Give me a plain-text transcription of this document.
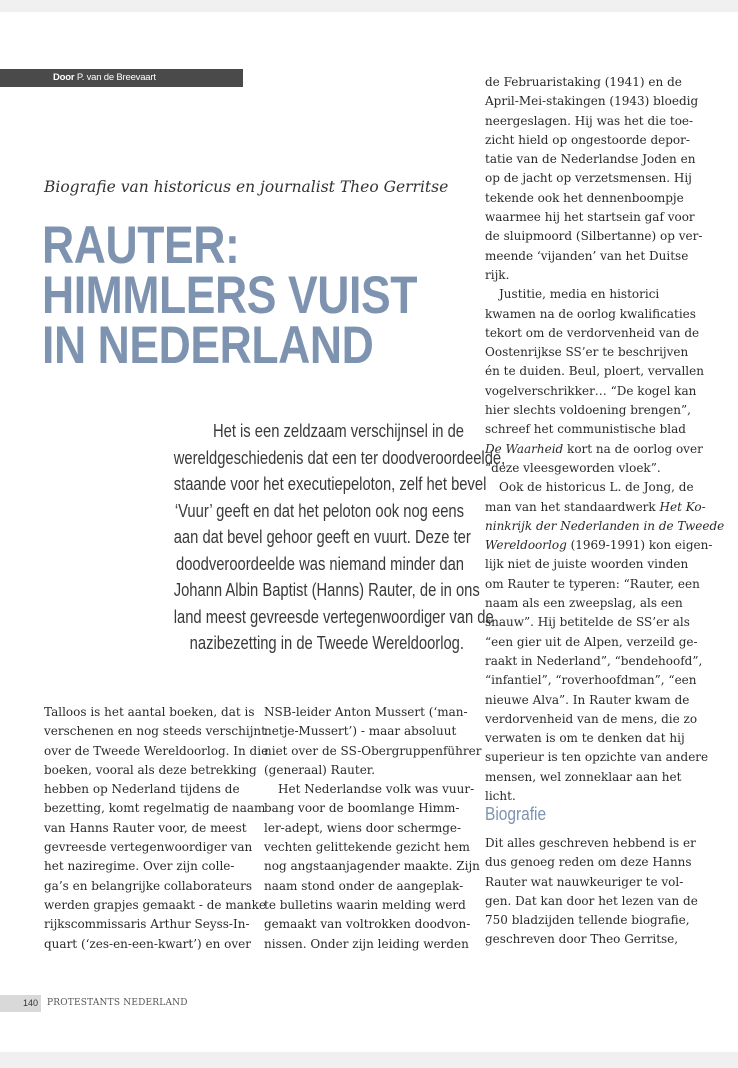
Door P. van de Breevaart
Biografie van historicus en journalist Theo Gerritse
RAUTER:
HIMMLERS VUIST
IN NEDERLAND
Het is een zeldzaam verschijnsel in de
wereldgeschiedenis dat een ter doodveroordeelde,
staande voor het executiepeloton, zelf het bevel
‘Vuur’ geeft en dat het peloton ook nog eens
aan dat bevel gehoor geeft en vuurt. Deze ter
doodveroordeelde was niemand minder dan
Johann Albin Baptist (Hanns) Rauter, de in ons
land meest gevreesde vertegenwoordiger van de
nazibezetting in de Tweede Wereldoorlog.
Talloos is het aantal boeken, dat is
verschenen en nog steeds verschijnt
over de Tweede Wereldoorlog. In die
boeken, vooral als deze betrekking
hebben op Nederland tijdens de
bezetting, komt regelmatig de naam
van Hanns Rauter voor, de meest
gevreesde vertegenwoordiger van
het naziregime. Over zijn colle-
ga’s en belangrijke collaborateurs
werden grapjes gemaakt - de manke
rijkscommissaris Arthur Seyss-In-
quart (‘zes-en-een-kwart’) en over
NSB-leider Anton Mussert (‘man-
netje-Mussert’) - maar absoluut
niet over de SS-Obergruppenführer
(generaal) Rauter.
Het Nederlandse volk was vuur-
bang voor de boomlange Himm-
ler-adept, wiens door schermge-
vechten gelittekende gezicht hem
nog angstaanjagender maakte. Zijn
naam stond onder de aangeplak-
te bulletins waarin melding werd
gemaakt van voltrokken doodvon-
nissen. Onder zijn leiding werden
de Februaristaking (1941) en de
April-Mei-stakingen (1943) bloedig
neergeslagen. Hij was het die toe-
zicht hield op ongestoorde depor-
tatie van de Nederlandse Joden en
op de jacht op verzetsmensen. Hij
tekende ook het dennenboompje
waarmee hij het startsein gaf voor
de sluipmoord (Silbertanne) op ver-
meende ‘vijanden’ van het Duitse
rijk.
Justitie, media en historici
kwamen na de oorlog kwalificaties
tekort om de verdorvenheid van de
Oostenrijkse SS’er te beschrijven
én te duiden. Beul, ploert, vervallen
vogelverschrikker… “De kogel kan
hier slechts voldoening brengen”,
schreef het communistische blad
De Waarheid kort na de oorlog over
“deze vleesgeworden vloek”.
Ook de historicus L. de Jong, de
man van het standaardwerk Het Ko-
ninkrijk der Nederlanden in de Tweede
Wereldoorlog (1969-1991) kon eigen-
lijk niet de juiste woorden vinden
om Rauter te typeren: “Rauter, een
naam als een zweepslag, als een
snauw”. Hij betitelde de SS’er als
“een gier uit de Alpen, verzeild ge-
raakt in Nederland”, “bendehoofd”,
“infantiel”, “roverhoofdman”, “een
nieuwe Alva”. In Rauter kwam de
verdorvenheid van de mens, die zo
verwaten is om te denken dat hij
superieur is ten opzichte van andere
mensen, wel zonneklaar aan het
licht.
Biografie
Dit alles geschreven hebbend is er
dus genoeg reden om deze Hanns
Rauter wat nauwkeuriger te vol-
gen. Dat kan door het lezen van de
750 bladzijden tellende biografie,
geschreven door Theo Gerritse,
140	PROTESTANTS NEDERLAND
